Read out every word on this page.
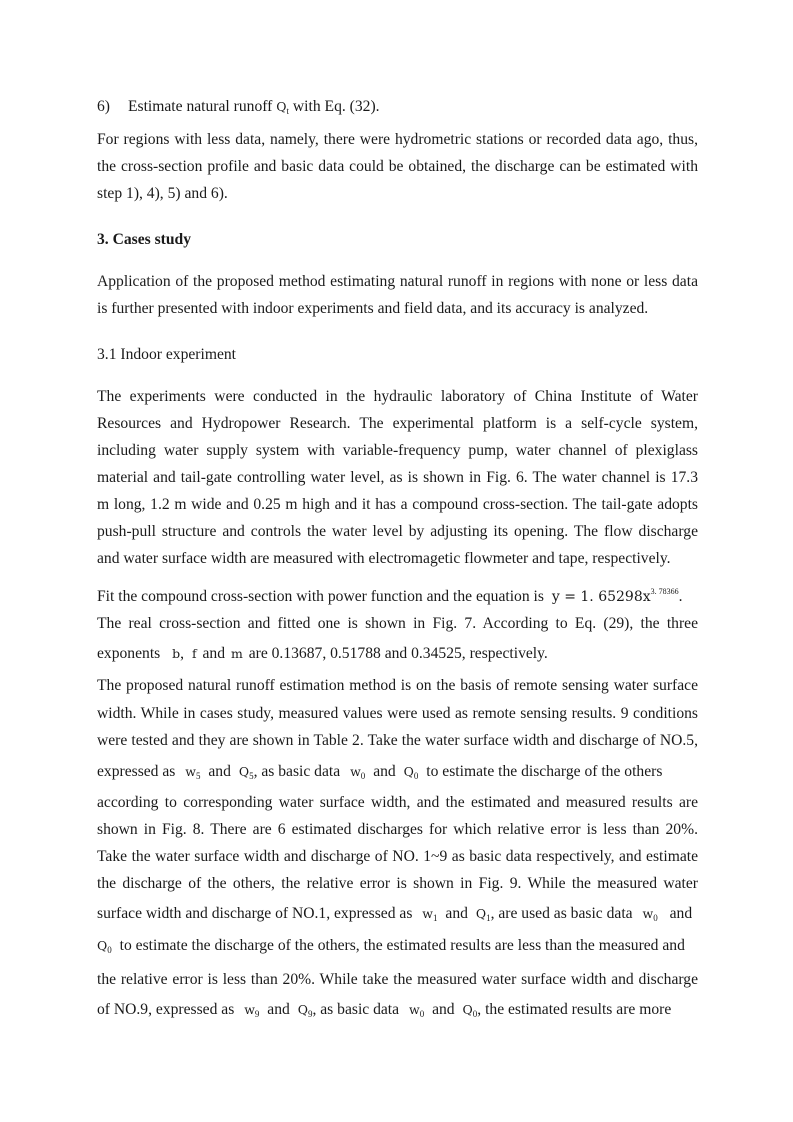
6) Estimate natural runoff Qt with Eq. (32).
For regions with less data, namely, there were hydrometric stations or recorded data ago, thus,
the cross-section profile and basic data could be obtained, the discharge can be estimated with
step 1), 4), 5) and 6).
3. Cases study
Application of the proposed method estimating natural runoff in regions with none or less data
is further presented with indoor experiments and field data, and its accuracy is analyzed.
3.1 Indoor experiment
The experiments were conducted in the hydraulic laboratory of China Institute of Water
Resources and Hydropower Research. The experimental platform is a self-cycle system,
including water supply system with variable-frequency pump, water channel of plexiglass
material and tail-gate controlling water level, as is shown in Fig. 6. The water channel is 17.3
m long, 1.2 m wide and 0.25 m high and it has a compound cross-section. The tail-gate adopts
push-pull structure and controls the water level by adjusting its opening. The flow discharge
and water surface width are measured with electromagetic flowmeter and tape, respectively.
Fit the compound cross-section with power function and the equation is y = 1. $65298x^{3. 78366}$.
The real cross-section and fitted one is shown in Fig. 7. According to Eq. (29), the three
exponents b, f and m are 0.13687, 0.51788 and 0.34525, respectively.
The proposed natural runoff estimation method is on the basis of remote sensing water surface
width. While in cases study, measured values were used as remote sensing results. 9 conditions
were tested and they are shown in Table 2. Take the water surface width and discharge of NO.5,
expressed as w5 and Q5, as basic data w0 and Q0 to estimate the discharge of the others
according to corresponding water surface width, and the estimated and measured results are
shown in Fig. 8. There are 6 estimated discharges for which relative error is less than 20%.
Take the water surface width and discharge of NO. 1~9 as basic data respectively, and estimate
the discharge of the others, the relative error is shown in Fig. 9. While the measured water
surface width and discharge of NO.1, expressed as w1 and Q1, are used as basic data w0 and
Q0 to estimate the discharge of the others, the estimated results are less than the measured and
the relative error is less than 20%. While take the measured water surface width and discharge
of NO.9, expressed as w9 and Q9, as basic data w0 and Q0, the estimated results are more
